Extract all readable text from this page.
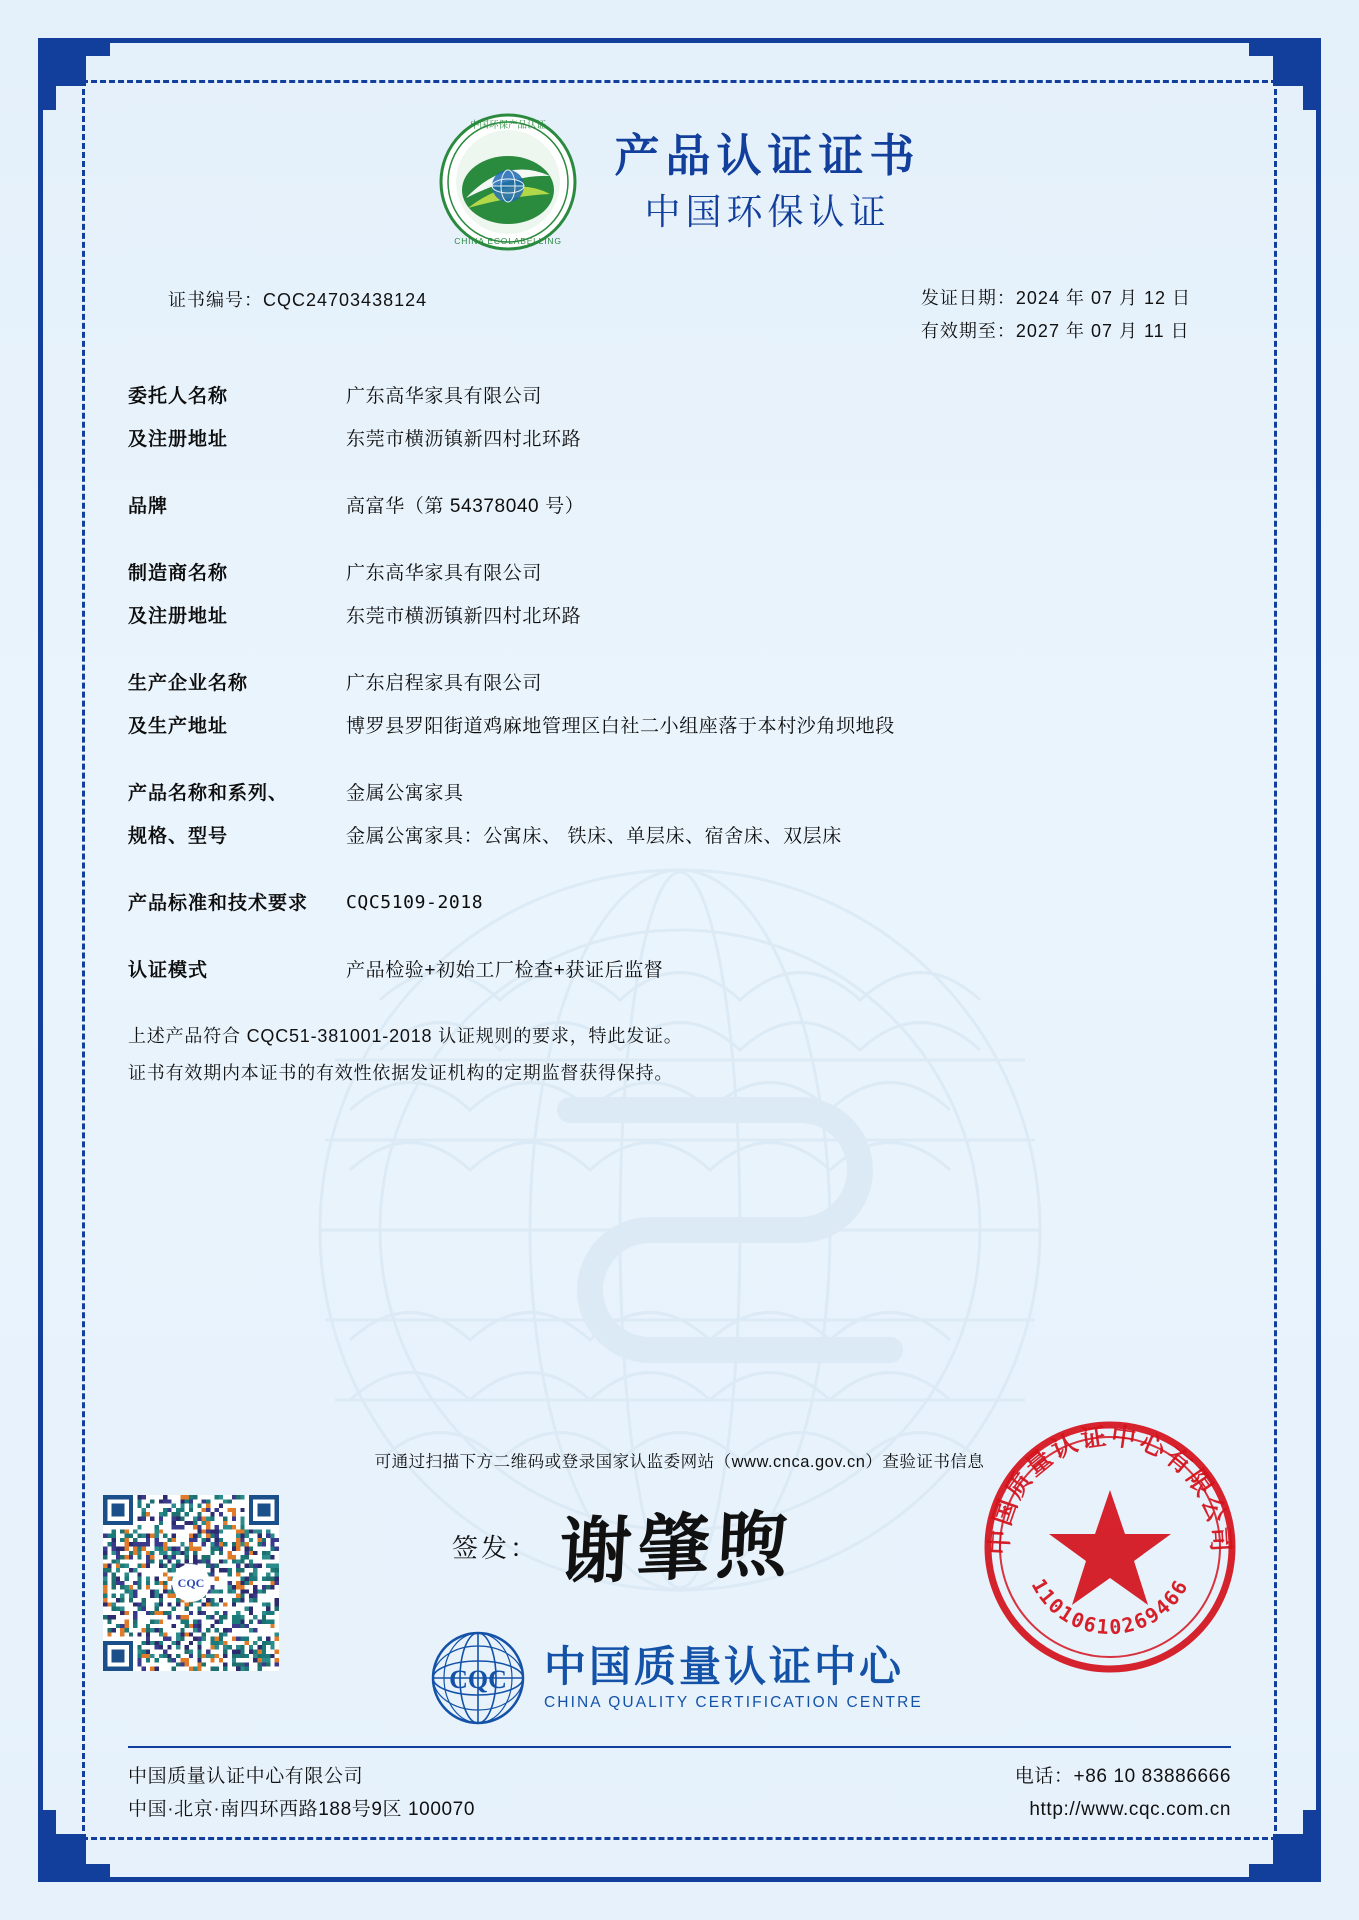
中国环保产品认证
CHINA ECOLABELLING
产品认证证书
中国环保认证
证书编号：CQC24703438124	发证日期：2024 年 07 月 12 日
有效期至：2027 年 07 月 11 日
委托人名称	广东高华家具有限公司
及注册地址	东莞市横沥镇新四村北环路
品牌	高富华（第 54378040 号）
制造商名称	广东高华家具有限公司
及注册地址	东莞市横沥镇新四村北环路
生产企业名称	广东启程家具有限公司
及生产地址	博罗县罗阳街道鸡麻地管理区白社二小组座落于本村沙角坝地段
产品名称和系列、	金属公寓家具
规格、型号	金属公寓家具：公寓床、 铁床、单层床、宿舍床、双层床
产品标准和技术要求	CQC5109-2018
认证模式	产品检验+初始工厂检查+获证后监督
上述产品符合 CQC51-381001-2018 认证规则的要求，特此发证。
证书有效期内本证书的有效性依据发证机构的定期监督获得保持。
可通过扫描下方二维码或登录国家认监委网站（www.cnca.gov.cn）查验证书信息
CQC
签发： 谢肇煦
CQC 中国质量认证中心
CHINA QUALITY CERTIFICATION CENTRE
中国质量认证中心有限公司
11010610269466
中国质量认证中心有限公司
中国·北京·南四环西路188号9区 100070
电话：+86 10 83886666
http://www.cqc.com.cn
